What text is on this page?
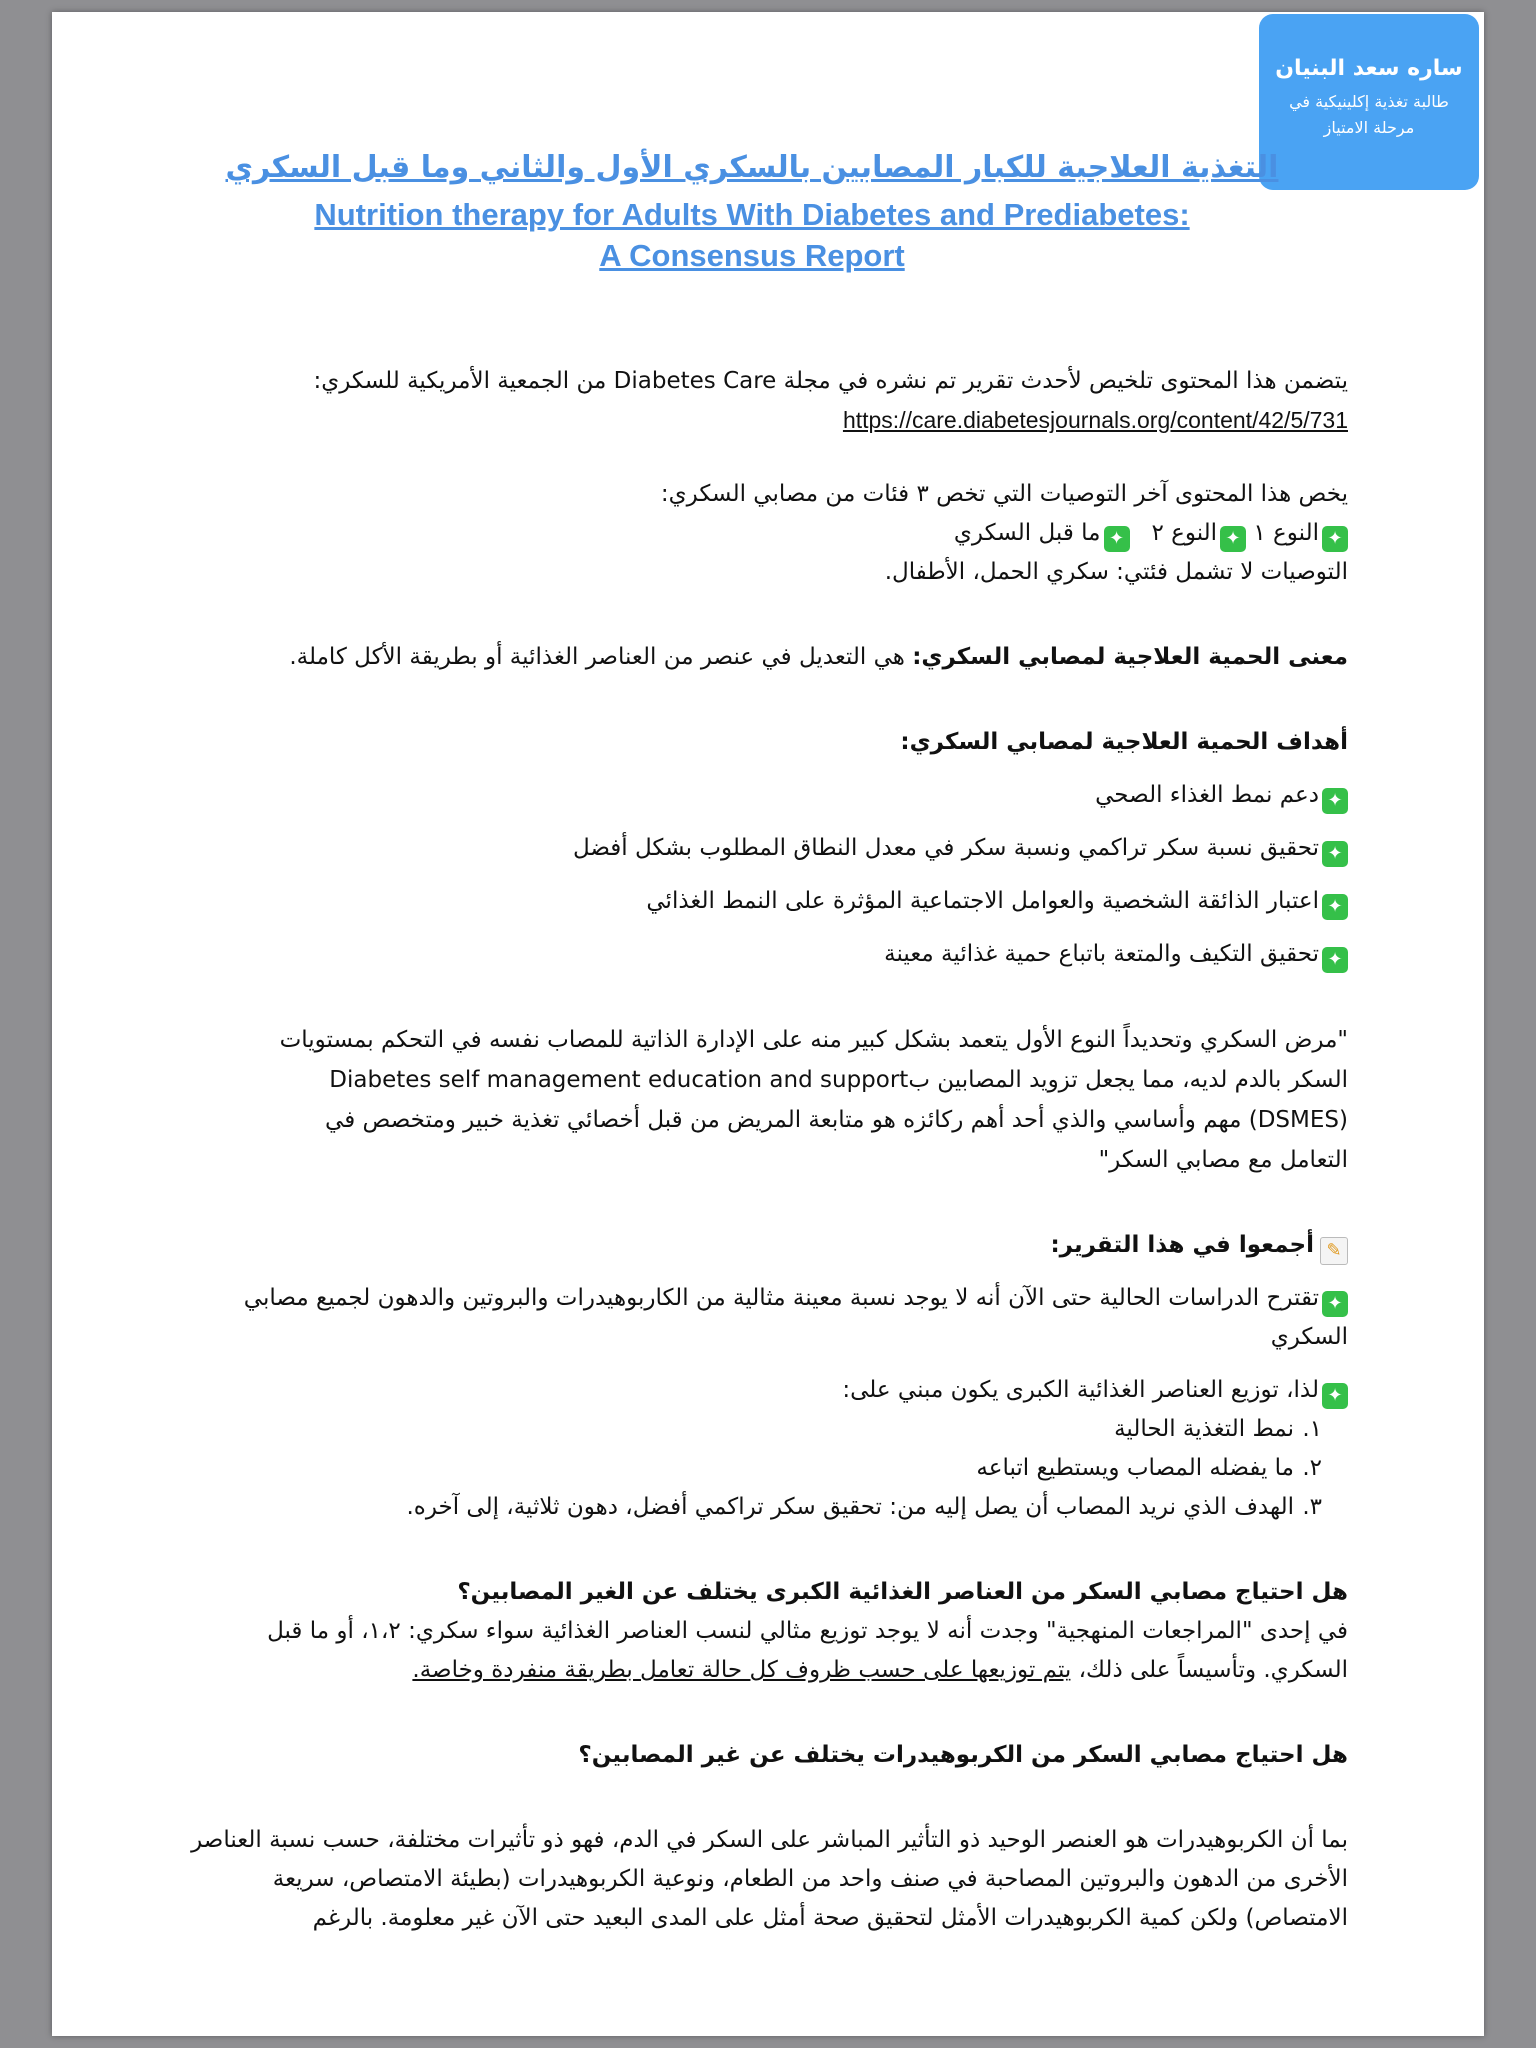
ساره سعد البنيان
طالبة تغذية إكلينيكية في
مرحلة الامتياز
التغذية العلاجية للكبار المصابين بالسكري الأول والثاني وما قبل السكري
Nutrition therapy for Adults With Diabetes and Prediabetes:
A Consensus Report

يتضمن هذا المحتوى تلخيص لأحدث تقرير تم نشره في مجلة Diabetes Care من الجمعية الأمريكية للسكري:

https://care.diabetesjournals.org/content/42/5/731

يخص هذا المحتوى آخر التوصيات التي تخص ٣ فئات من مصابي السكري:

✦النوع ١ ✦النوع ٢   ✦ما قبل السكري

التوصيات لا تشمل فئتي: سكري الحمل، الأطفال.

معنى الحمية العلاجية لمصابي السكري: هي التعديل في عنصر من العناصر الغذائية أو بطريقة الأكل كاملة.

أهداف الحمية العلاجية لمصابي السكري:

✦دعم نمط الغذاء الصحي

✦تحقيق نسبة سكر تراكمي ونسبة سكر في معدل النطاق المطلوب بشكل أفضل

✦اعتبار الذائقة الشخصية والعوامل الاجتماعية المؤثرة على النمط الغذائي

✦تحقيق التكيف والمتعة باتباع حمية غذائية معينة

"مرض السكري وتحديداً النوع الأول يتعمد بشكل كبير منه على الإدارة الذاتية للمصاب نفسه في التحكم بمستويات

السكر بالدم لديه، مما يجعل تزويد المصابين بDiabetes self management education and support

(DSMES) مهم وأساسي والذي أحد أهم ركائزه هو متابعة المريض من قبل أخصائي تغذية خبير ومتخصص في

التعامل مع مصابي السكر"

✎أجمعوا في هذا التقرير:

✦تقترح الدراسات الحالية حتى الآن أنه لا يوجد نسبة معينة مثالية من الكاربوهيدرات والبروتين والدهون لجميع مصابي السكري

✦لذا، توزيع العناصر الغذائية الكبرى يكون مبني على:

١.نمط التغذية الحالية
٢.ما يفضله المصاب ويستطيع اتباعه
٣.الهدف الذي نريد المصاب أن يصل إليه من: تحقيق سكر تراكمي أفضل، دهون ثلاثية، إلى آخره.

هل احتياج مصابي السكر من العناصر الغذائية الكبرى يختلف عن الغير المصابين؟

في إحدى "المراجعات المنهجية" وجدت أنه لا يوجد توزيع مثالي لنسب العناصر الغذائية سواء سكري: ١،٢، أو ما قبل السكري. وتأسيساً على ذلك، يتم توزيعها على حسب ظروف كل حالة تعامل بطريقة منفردة وخاصة.

هل احتياج مصابي السكر من الكربوهيدرات يختلف عن غير المصابين؟

بما أن الكربوهيدرات هو العنصر الوحيد ذو التأثير المباشر على السكر في الدم، فهو ذو تأثيرات مختلفة، حسب نسبة العناصر الأخرى من الدهون والبروتين المصاحبة في صنف واحد من الطعام، ونوعية الكربوهيدرات (بطيئة الامتصاص، سريعة الامتصاص) ولكن كمية الكربوهيدرات الأمثل لتحقيق صحة أمثل على المدى البعيد حتى الآن غير معلومة. بالرغم
